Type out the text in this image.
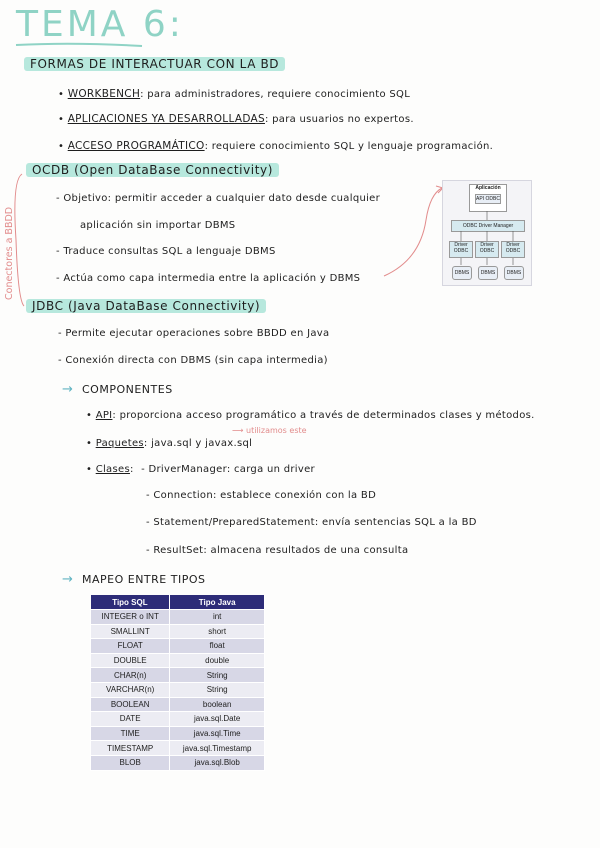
TEMA 6:
FORMAS DE INTERACTUAR CON LA BD
• WORKBENCH: para administradores, requiere conocimiento SQL
• APLICACIONES YA DESARROLLADAS: para usuarios no expertos.
• ACCESO PROGRAMÁTICO: requiere conocimiento SQL y lenguaje programación.
OCDB (Open DataBase Connectivity)
Conectores a BBDD
- Objetivo: permitir acceder a cualquier dato desde cualquier
aplicación sin importar DBMS
- Traduce consultas SQL a lenguaje DBMS
- Actúa como capa intermedia entre la aplicación y DBMS
Aplicación
API ODBC
ODBC Driver Manager
Driver ODBC
Driver ODBC
Driver ODBC
DBMS	DBMS	DBMS
JDBC (Java DataBase Connectivity)
- Permite ejecutar operaciones sobre BBDD en Java
- Conexión directa con DBMS (sin capa intermedia)
→ COMPONENTES
• API: proporciona acceso programático a través de determinados clases y métodos.
⟶ utilizamos este
• Paquetes: java.sql y javax.sql
• Clases: - DriverManager: carga un driver
- Connection: establece conexión con la BD
- Statement/PreparedStatement: envía sentencias SQL a la BD
- ResultSet: almacena resultados de una consulta
→ MAPEO ENTRE TIPOS
Tipo SQL	Tipo Java
INTEGER o INT	int
SMALLINT	short
FLOAT	float
DOUBLE	double
CHAR(n)	String
VARCHAR(n)	String
BOOLEAN	boolean
DATE	java.sql.Date
TIME	java.sql.Time
TIMESTAMP	java.sql.Timestamp
BLOB	java.sql.Blob
